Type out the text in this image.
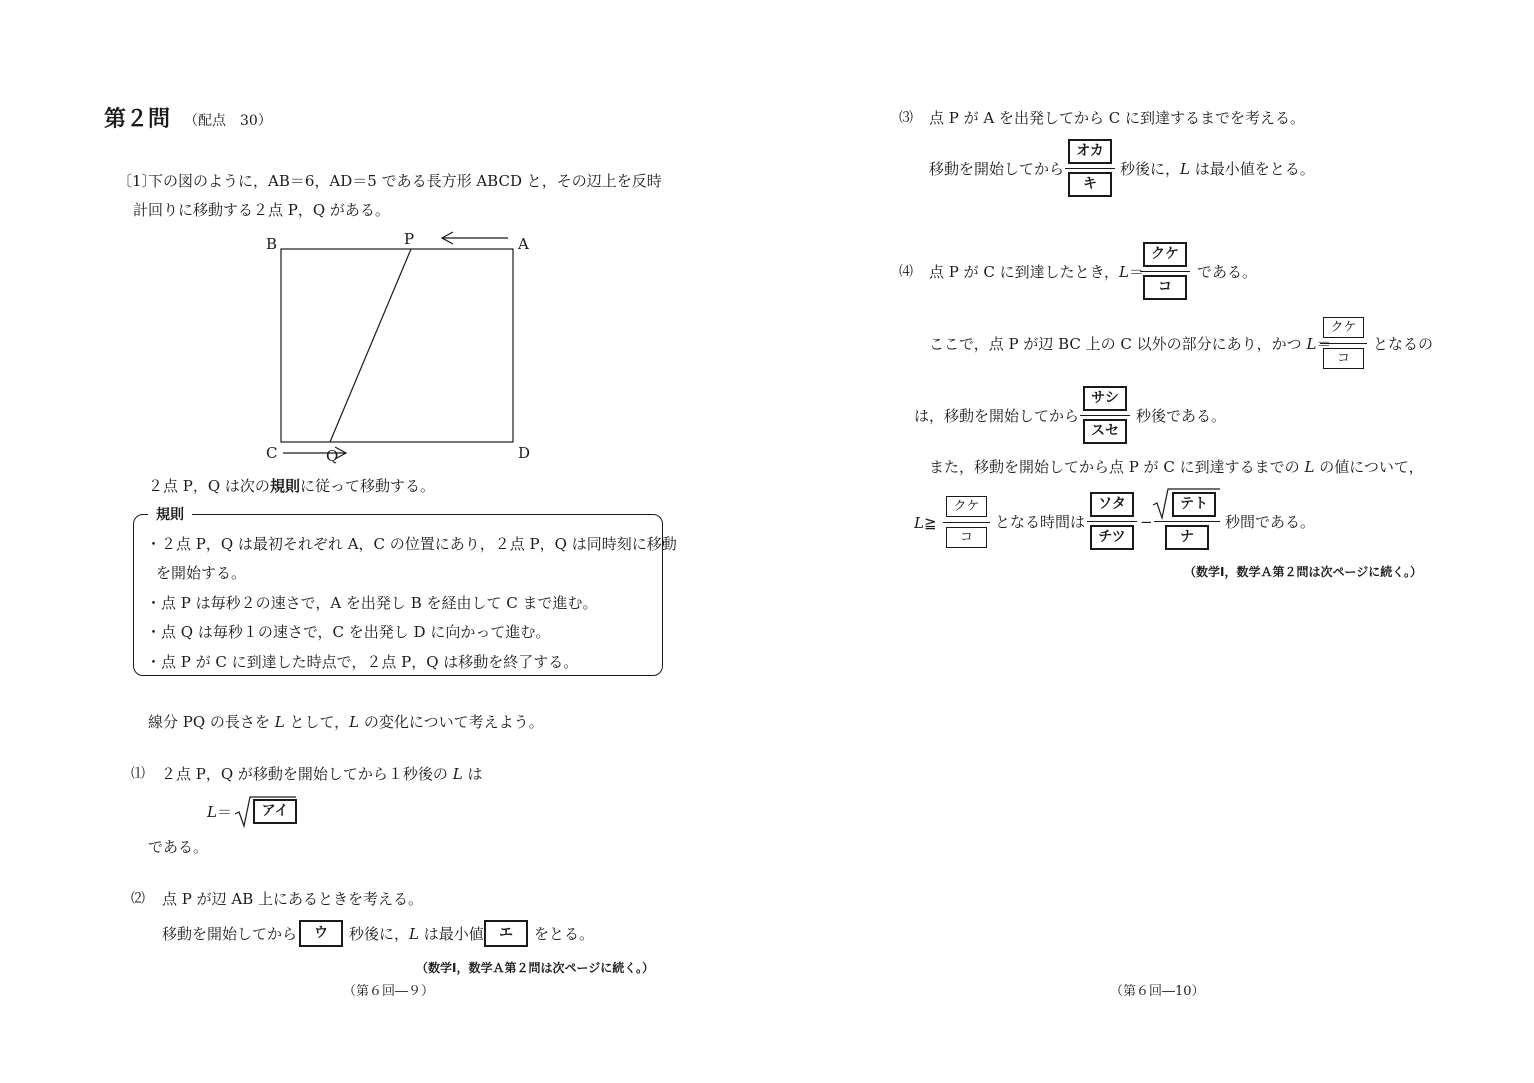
第２問 （配点　30）
〔1〕
下の図のように，AB＝6，AD＝5 である長方形 ABCD と，その辺上を反時
計回りに移動する２点 P，Q がある。
B	P	A
C	Q	D
２点 P，Q は次の規則に従って移動する。
規則
・２点 P，Q は最初それぞれ A，C の位置にあり，２点 P，Q は同時刻に移動
を開始する。
・点 P は毎秒２の速さで，A を出発し B を経由して C まで進む。
・点 Q は毎秒１の速さで，C を出発し D に向かって進む。
・点 P が C に到達した時点で，２点 P，Q は移動を終了する。
線分 PQ の長さを L として，L の変化について考えよう。
⑴ ２点 P，Q が移動を開始してから１秒後の L は
L＝	アイ
である。
⑵ 点 P が辺 AB 上にあるときを考える。
移動を開始してから	ウ	秒後に，L は最小値	エ	をとる。
（数学Ⅰ，数学Ａ第２問は次ページに続く。）
（第６回―９）
⑶ 点 P が A を出発してから C に到達するまでを考える。
移動を開始してから
オカ
キ
秒後に，L は最小値をとる。
⑷ 点 P が C に到達したとき，L＝
クケ
コ
である。
ここで，点 P が辺 BC 上の C 以外の部分にあり，かつ L＝
クケ
コ
となるの
は，移動を開始してから
サシ
スセ
秒後である。
また，移動を開始してから点 P が C に到達するまでの L の値について，
L≧
クケ
コ
となる時間は
ソタ
チツ
−
テト
ナ
秒間である。
（数学Ⅰ，数学Ａ第２問は次ページに続く。）
（第６回―10）
